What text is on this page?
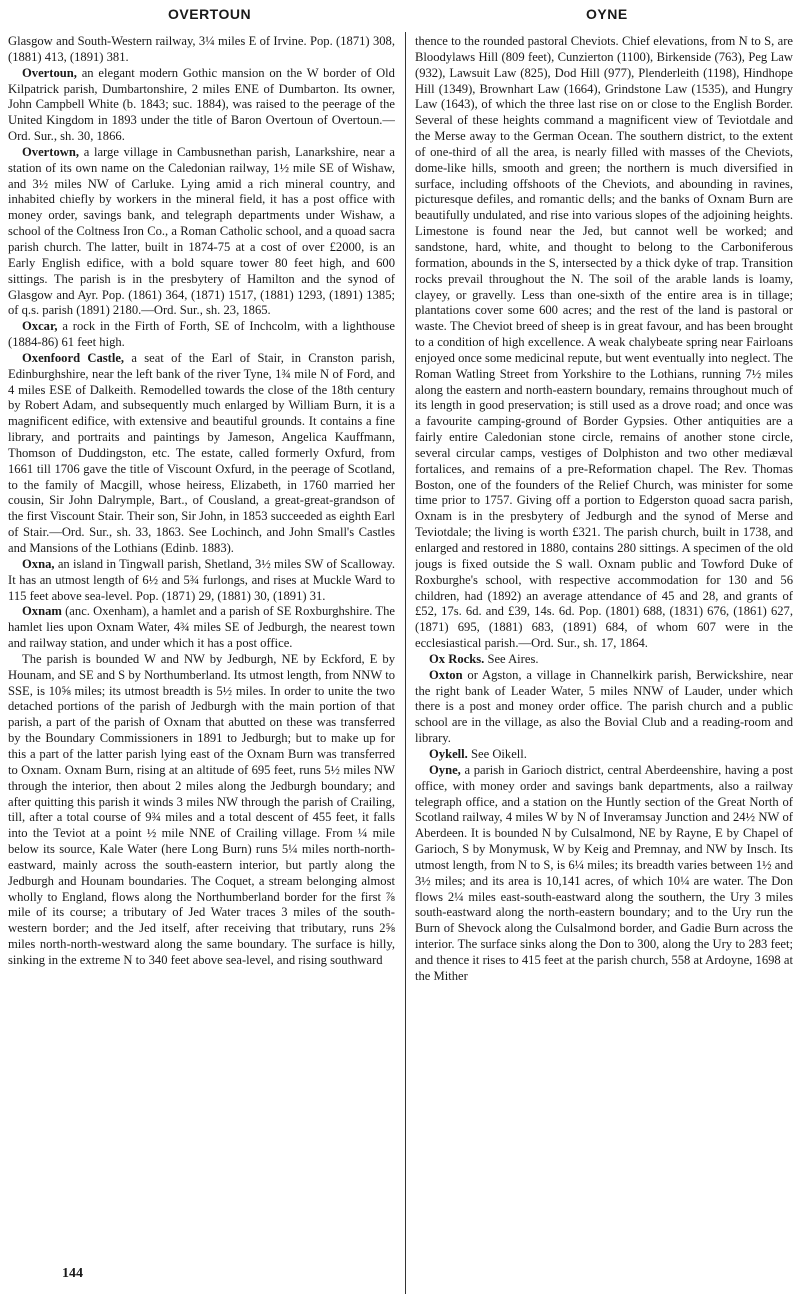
OVERTOUN	OYNE

Glasgow and South-Western railway, 3¼ miles E of Irvine. Pop. (1871) 308, (1881) 413, (1891) 381.

Overtoun, an elegant modern Gothic mansion on the W border of Old Kilpatrick parish, Dumbartonshire, 2 miles ENE of Dumbarton. Its owner, John Campbell White (b. 1843; suc. 1884), was raised to the peerage of the United Kingdom in 1893 under the title of Baron Overtoun of Overtoun.—Ord. Sur., sh. 30, 1866.

Overtown, a large village in Cambusnethan parish, Lanarkshire, near a station of its own name on the Caledonian railway, 1½ mile SE of Wishaw, and 3½ miles NW of Carluke. Lying amid a rich mineral country, and inhabited chiefly by workers in the mineral field, it has a post office with money order, savings bank, and telegraph departments under Wishaw, a school of the Coltness Iron Co., a Roman Catholic school, and a quoad sacra parish church. The latter, built in 1874-75 at a cost of over £2000, is an Early English edifice, with a bold square tower 80 feet high, and 600 sittings. The parish is in the presbytery of Hamilton and the synod of Glasgow and Ayr. Pop. (1861) 364, (1871) 1517, (1881) 1293, (1891) 1385; of q.s. parish (1891) 2180.—Ord. Sur., sh. 23, 1865.

Oxcar, a rock in the Firth of Forth, SE of Inchcolm, with a lighthouse (1884-86) 61 feet high.

Oxenfoord Castle, a seat of the Earl of Stair, in Cranston parish, Edinburghshire, near the left bank of the river Tyne, 1¾ mile N of Ford, and 4 miles ESE of Dalkeith. Remodelled towards the close of the 18th century by Robert Adam, and subsequently much enlarged by William Burn, it is a magnificent edifice, with extensive and beautiful grounds. It contains a fine library, and portraits and paintings by Jameson, Angelica Kauffmann, Thomson of Duddingston, etc. The estate, called formerly Oxfurd, from 1661 till 1706 gave the title of Viscount Oxfurd, in the peerage of Scotland, to the family of Macgill, whose heiress, Elizabeth, in 1760 married her cousin, Sir John Dalrymple, Bart., of Cousland, a great-great-grandson of the first Viscount Stair. Their son, Sir John, in 1853 succeeded as eighth Earl of Stair.—Ord. Sur., sh. 33, 1863. See Lochinch, and John Small's Castles and Mansions of the Lothians (Edinb. 1883).

Oxna, an island in Tingwall parish, Shetland, 3½ miles SW of Scalloway. It has an utmost length of 6½ and 5¾ furlongs, and rises at Muckle Ward to 115 feet above sea-level. Pop. (1871) 29, (1881) 30, (1891) 31.

Oxnam (anc. Oxenham), a hamlet and a parish of SE Roxburghshire. The hamlet lies upon Oxnam Water, 4¾ miles SE of Jedburgh, the nearest town and railway station, and under which it has a post office.

The parish is bounded W and NW by Jedburgh, NE by Eckford, E by Hounam, and SE and S by Northumberland. Its utmost length, from NNW to SSE, is 10⅝ miles; its utmost breadth is 5½ miles. In order to unite the two detached portions of the parish of Jedburgh with the main portion of that parish, a part of the parish of Oxnam that abutted on these was transferred by the Boundary Commissioners in 1891 to Jedburgh; but to make up for this a part of the latter parish lying east of the Oxnam Burn was transferred to Oxnam. Oxnam Burn, rising at an altitude of 695 feet, runs 5½ miles NW through the interior, then about 2 miles along the Jedburgh boundary; and after quitting this parish it winds 3 miles NW through the parish of Crailing, till, after a total course of 9¾ miles and a total descent of 455 feet, it falls into the Teviot at a point ½ mile NNE of Crailing village. From ¼ mile below its source, Kale Water (here Long Burn) runs 5¼ miles north-north-eastward, mainly across the south-eastern interior, but partly along the Jedburgh and Hounam boundaries. The Coquet, a stream belonging almost wholly to England, flows along the Northumberland border for the first ⅞ mile of its course; a tributary of Jed Water traces 3 miles of the south-western border; and the Jed itself, after receiving that tributary, runs 2⅝ miles north-north-westward along the same boundary. The surface is hilly, sinking in the extreme N to 340 feet above sea-level, and rising southward

thence to the rounded pastoral Cheviots. Chief elevations, from N to S, are Bloodylaws Hill (809 feet), Cunzierton (1100), Birkenside (763), Peg Law (932), Lawsuit Law (825), Dod Hill (977), Plenderleith (1198), Hindhope Hill (1349), Brownhart Law (1664), Grindstone Law (1535), and Hungry Law (1643), of which the three last rise on or close to the English Border. Several of these heights command a magnificent view of Teviotdale and the Merse away to the German Ocean. The southern district, to the extent of one-third of all the area, is nearly filled with masses of the Cheviots, dome-like hills, smooth and green; the northern is much diversified in surface, including offshoots of the Cheviots, and abounding in ravines, picturesque defiles, and romantic dells; and the banks of Oxnam Burn are beautifully undulated, and rise into various slopes of the adjoining heights. Limestone is found near the Jed, but cannot well be worked; and sandstone, hard, white, and thought to belong to the Carboniferous formation, abounds in the S, intersected by a thick dyke of trap. Transition rocks prevail throughout the N. The soil of the arable lands is loamy, clayey, or gravelly. Less than one-sixth of the entire area is in tillage; plantations cover some 600 acres; and the rest of the land is pastoral or waste. The Cheviot breed of sheep is in great favour, and has been brought to a condition of high excellence. A weak chalybeate spring near Fairloans enjoyed once some medicinal repute, but went eventually into neglect. The Roman Watling Street from Yorkshire to the Lothians, running 7½ miles along the eastern and north-eastern boundary, remains throughout much of its length in good preservation; is still used as a drove road; and once was a favourite camping-ground of Border Gypsies. Other antiquities are a fairly entire Caledonian stone circle, remains of another stone circle, several circular camps, vestiges of Dolphiston and two other mediæval fortalices, and remains of a pre-Reformation chapel. The Rev. Thomas Boston, one of the founders of the Relief Church, was minister for some time prior to 1757. Giving off a portion to Edgerston quoad sacra parish, Oxnam is in the presbytery of Jedburgh and the synod of Merse and Teviotdale; the living is worth £321. The parish church, built in 1738, and enlarged and restored in 1880, contains 280 sittings. A specimen of the old jougs is fixed outside the S wall. Oxnam public and Towford Duke of Roxburghe's school, with respective accommodation for 130 and 56 children, had (1892) an average attendance of 45 and 28, and grants of £52, 17s. 6d. and £39, 14s. 6d. Pop. (1801) 688, (1831) 676, (1861) 627, (1871) 695, (1881) 683, (1891) 684, of whom 607 were in the ecclesiastical parish.—Ord. Sur., sh. 17, 1864.

Ox Rocks. See Aires.

Oxton or Agston, a village in Channelkirk parish, Berwickshire, near the right bank of Leader Water, 5 miles NNW of Lauder, under which there is a post and money order office. The parish church and a public school are in the village, as also the Bovial Club and a reading-room and library.

Oykell. See Oikell.

Oyne, a parish in Garioch district, central Aberdeenshire, having a post office, with money order and savings bank departments, also a railway telegraph office, and a station on the Huntly section of the Great North of Scotland railway, 4 miles W by N of Inveramsay Junction and 24½ NW of Aberdeen. It is bounded N by Culsalmond, NE by Rayne, E by Chapel of Garioch, S by Monymusk, W by Keig and Premnay, and NW by Insch. Its utmost length, from N to S, is 6¼ miles; its breadth varies between 1½ and 3½ miles; and its area is 10,141 acres, of which 10¼ are water. The Don flows 2¼ miles east-south-eastward along the southern, the Ury 3 miles south-eastward along the north-eastern boundary; and to the Ury run the Burn of Shevock along the Culsalmond border, and Gadie Burn across the interior. The surface sinks along the Don to 300, along the Ury to 283 feet; and thence it rises to 415 feet at the parish church, 558 at Ardoyne, 1698 at the Mither

144
